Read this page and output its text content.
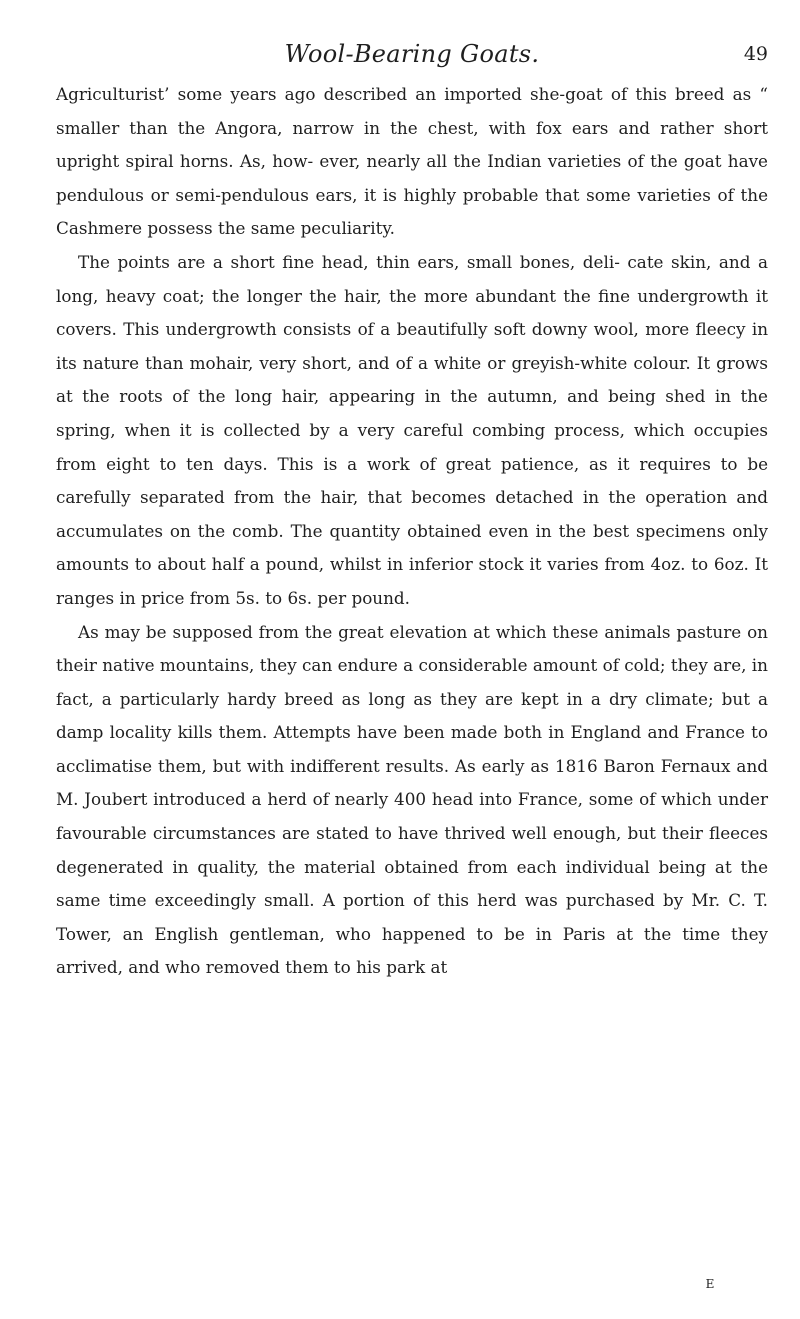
Wool-Bearing Goats.	49

Agriculturist’ some years ago described an imported she-goat of this breed as “ smaller than the Angora, narrow in the chest, with fox ears and rather short upright spiral horns. As, how- ever, nearly all the Indian varieties of the goat have pendulous or semi-pendulous ears, it is highly probable that some varieties of the Cashmere possess the same peculiarity.

The points are a short fine head, thin ears, small bones, deli- cate skin, and a long, heavy coat; the longer the hair, the more abundant the fine undergrowth it covers. This undergrowth consists of a beautifully soft downy wool, more fleecy in its nature than mohair, very short, and of a white or greyish-white colour. It grows at the roots of the long hair, appearing in the autumn, and being shed in the spring, when it is collected by a very careful combing process, which occupies from eight to ten days. This is a work of great patience, as it requires to be carefully separated from the hair, that becomes detached in the operation and accumulates on the comb. The quantity obtained even in the best specimens only amounts to about half a pound, whilst in inferior stock it varies from 4oz. to 6oz. It ranges in price from 5s. to 6s. per pound.

As may be supposed from the great elevation at which these animals pasture on their native mountains, they can endure a considerable amount of cold; they are, in fact, a particularly hardy breed as long as they are kept in a dry climate; but a damp locality kills them. Attempts have been made both in England and France to acclimatise them, but with indifferent results. As early as 1816 Baron Fernaux and M. Joubert introduced a herd of nearly 400 head into France, some of which under favourable circumstances are stated to have thrived well enough, but their fleeces degenerated in quality, the material obtained from each individual being at the same time exceedingly small. A portion of this herd was purchased by Mr. C. T. Tower, an English gentleman, who happened to be in Paris at the time they arrived, and who removed them to his park at

E
